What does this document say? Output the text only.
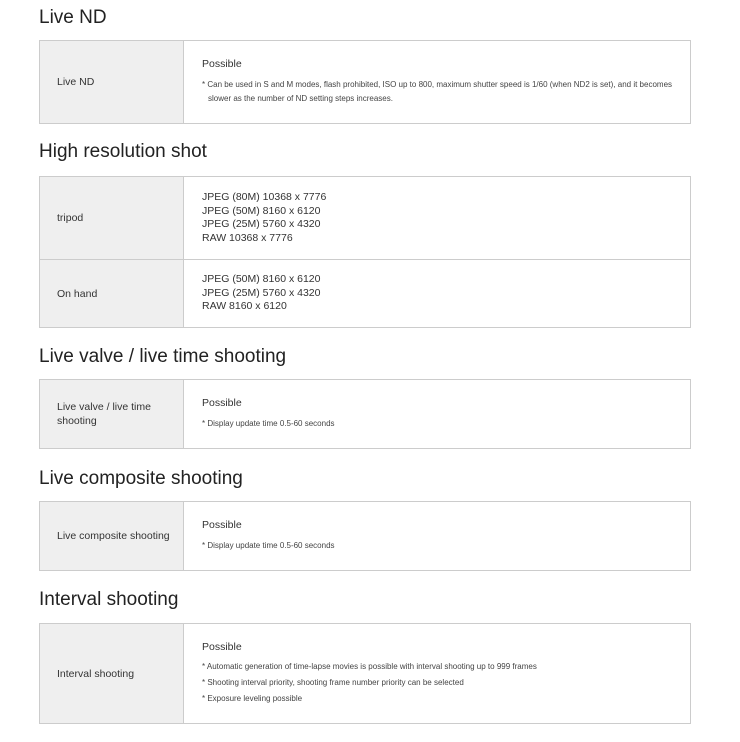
Live ND
Live ND
Possible
* Can be used in S and M modes, flash prohibited, ISO up to 800, maximum shutter speed is 1/60 (when ND2 is set), and it becomes slower as the number of ND setting steps increases.
High resolution shot
tripod
JPEG (80M) 10368 x 7776
JPEG (50M) 8160 x 6120
JPEG (25M) 5760 x 4320
RAW 10368 x 7776
On hand
JPEG (50M) 8160 x 6120
JPEG (25M) 5760 x 4320
RAW 8160 x 6120
Live valve / live time shooting
Live valve / live time shooting
Possible
* Display update time 0.5-60 seconds
Live composite shooting
Live composite shooting
Possible
* Display update time 0.5-60 seconds
Interval shooting
Interval shooting
Possible
* Automatic generation of time-lapse movies is possible with interval shooting up to 999 frames
* Shooting interval priority, shooting frame number priority can be selected
* Exposure leveling possible
